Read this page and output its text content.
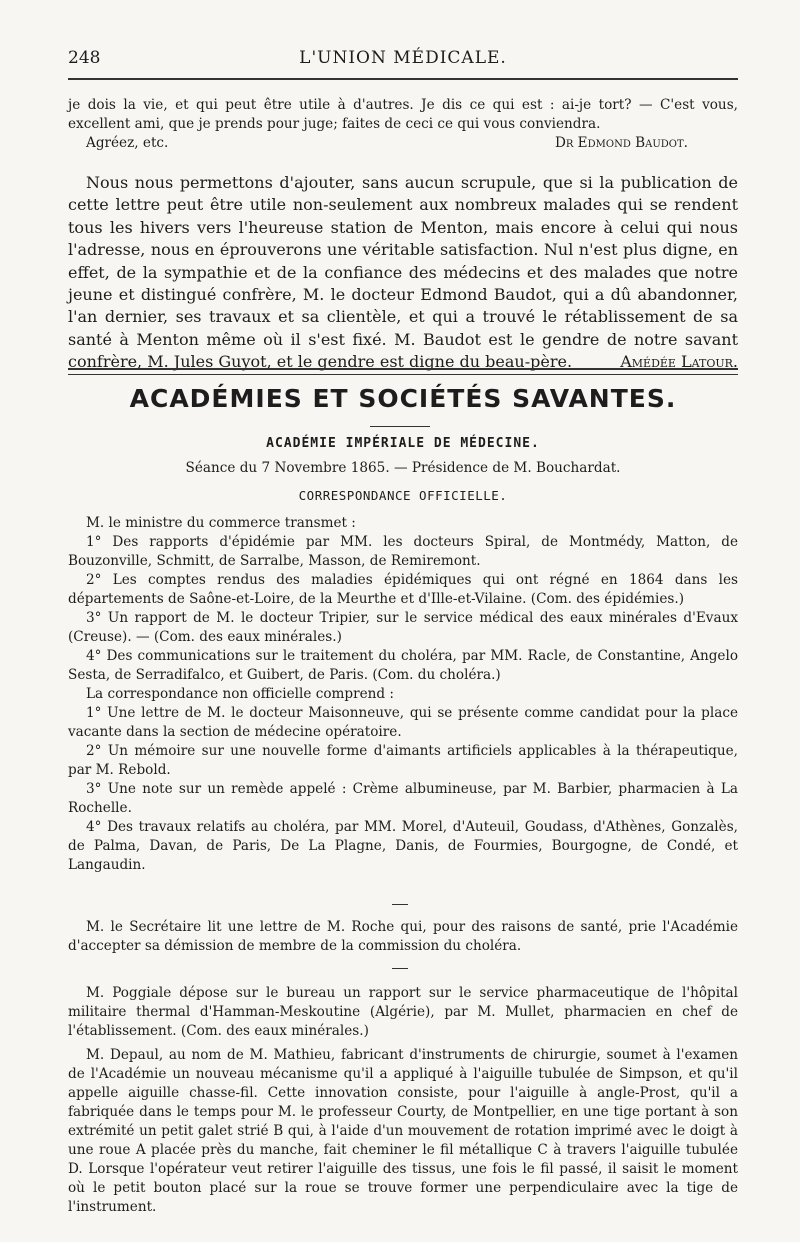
248	L'UNION MÉDICALE.

je dois la vie, et qui peut être utile à d'autres. Je dis ce qui est : ai-je tort? — C'est vous, excellent ami, que je prends pour juge; faites de ceci ce qui vous conviendra.

Agréez, etc.	Dr Edmond Baudot.

Nous nous permettons d'ajouter, sans aucun scrupule, que si la publication de cette lettre peut être utile non-seulement aux nombreux malades qui se rendent tous les hivers vers l'heureuse station de Menton, mais encore à celui qui nous l'adresse, nous en éprouverons une véritable satisfaction. Nul n'est plus digne, en effet, de la sympathie et de la confiance des médecins et des malades que notre jeune et distingué confrère, M. le docteur Edmond Baudot, qui a dû abandonner, l'an dernier, ses travaux et sa clientèle, et qui a trouvé le rétablissement de sa santé à Menton même où il s'est fixé. M. Baudot est le gendre de notre savant confrère, M. Jules Guyot, et le gendre est digne du beau-père.	Amédée Latour.

ACADÉMIES ET SOCIÉTÉS SAVANTES.
ACADÉMIE IMPÉRIALE DE MÉDECINE.
Séance du 7 Novembre 1865. — Présidence de M. Bouchardat.
CORRESPONDANCE OFFICIELLE.

M. le ministre du commerce transmet :

1° Des rapports d'épidémie par MM. les docteurs Spiral, de Montmédy, Matton, de Bouzonville, Schmitt, de Sarralbe, Masson, de Remiremont.

2° Les comptes rendus des maladies épidémiques qui ont régné en 1864 dans les départements de Saône-et-Loire, de la Meurthe et d'Ille-et-Vilaine. (Com. des épidémies.)

3° Un rapport de M. le docteur Tripier, sur le service médical des eaux minérales d'Evaux (Creuse). — (Com. des eaux minérales.)

4° Des communications sur le traitement du choléra, par MM. Racle, de Constantine, Angelo Sesta, de Serradifalco, et Guibert, de Paris. (Com. du choléra.)

La correspondance non officielle comprend :

1° Une lettre de M. le docteur Maisonneuve, qui se présente comme candidat pour la place vacante dans la section de médecine opératoire.

2° Un mémoire sur une nouvelle forme d'aimants artificiels applicables à la thérapeutique, par M. Rebold.

3° Une note sur un remède appelé : Crème albumineuse, par M. Barbier, pharmacien à La Rochelle.

4° Des travaux relatifs au choléra, par MM. Morel, d'Auteuil, Goudass, d'Athènes, Gonzalès, de Palma, Davan, de Paris, De La Plagne, Danis, de Fourmies, Bourgogne, de Condé, et Langaudin.

M. le Secrétaire lit une lettre de M. Roche qui, pour des raisons de santé, prie l'Académie d'accepter sa démission de membre de la commission du choléra.

M. Poggiale dépose sur le bureau un rapport sur le service pharmaceutique de l'hôpital militaire thermal d'Hamman-Meskoutine (Algérie), par M. Mullet, pharmacien en chef de l'établissement. (Com. des eaux minérales.)

M. Depaul, au nom de M. Mathieu, fabricant d'instruments de chirurgie, soumet à l'examen de l'Académie un nouveau mécanisme qu'il a appliqué à l'aiguille tubulée de Simpson, et qu'il appelle aiguille chasse-fil. Cette innovation consiste, pour l'aiguille à angle-Prost, qu'il a fabriquée dans le temps pour M. le professeur Courty, de Montpellier, en une tige portant à son extrémité un petit galet strié B qui, à l'aide d'un mouvement de rotation imprimé avec le doigt à une roue A placée près du manche, fait cheminer le fil métallique C à travers l'aiguille tubulée D. Lorsque l'opérateur veut retirer l'aiguille des tissus, une fois le fil passé, il saisit le moment où le petit bouton placé sur la roue se trouve former une perpendiculaire avec la tige de l'instrument.
